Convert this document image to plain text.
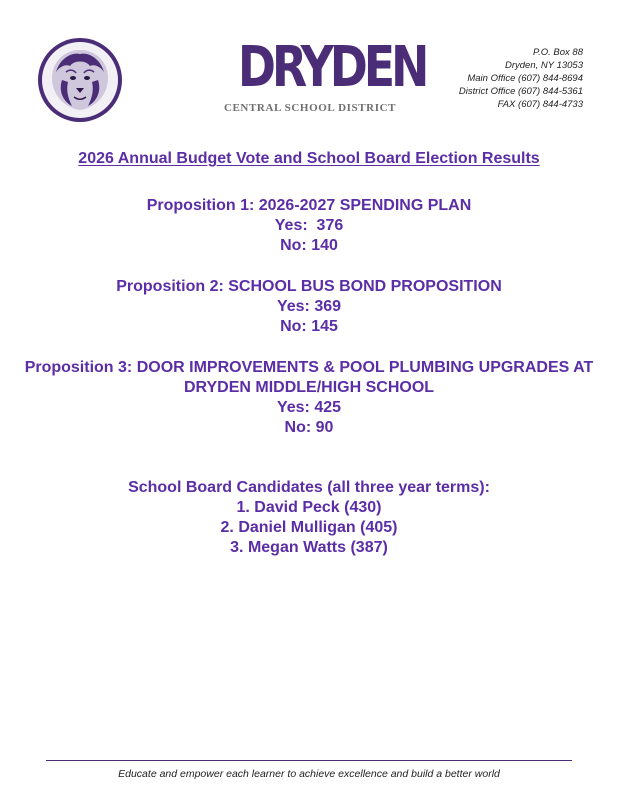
DRYDEN
CENTRAL SCHOOL DISTRICT
P.O. Box 88
Dryden, NY 13053
Main Office (607) 844-8694
District Office (607) 844-5361
FAX (607) 844-4733
2026 Annual Budget Vote and School Board Election Results
Proposition 1: 2026-2027 SPENDING PLAN
Yes:  376
No: 140
Proposition 2: SCHOOL BUS BOND PROPOSITION
Yes: 369
No: 145
Proposition 3: DOOR IMPROVEMENTS & POOL PLUMBING UPGRADES AT
DRYDEN MIDDLE/HIGH SCHOOL
Yes: 425
No: 90
School Board Candidates (all three year terms):
1. David Peck (430)
2. Daniel Mulligan (405)
3. Megan Watts (387)
Educate and empower each learner to achieve excellence and build a better world
